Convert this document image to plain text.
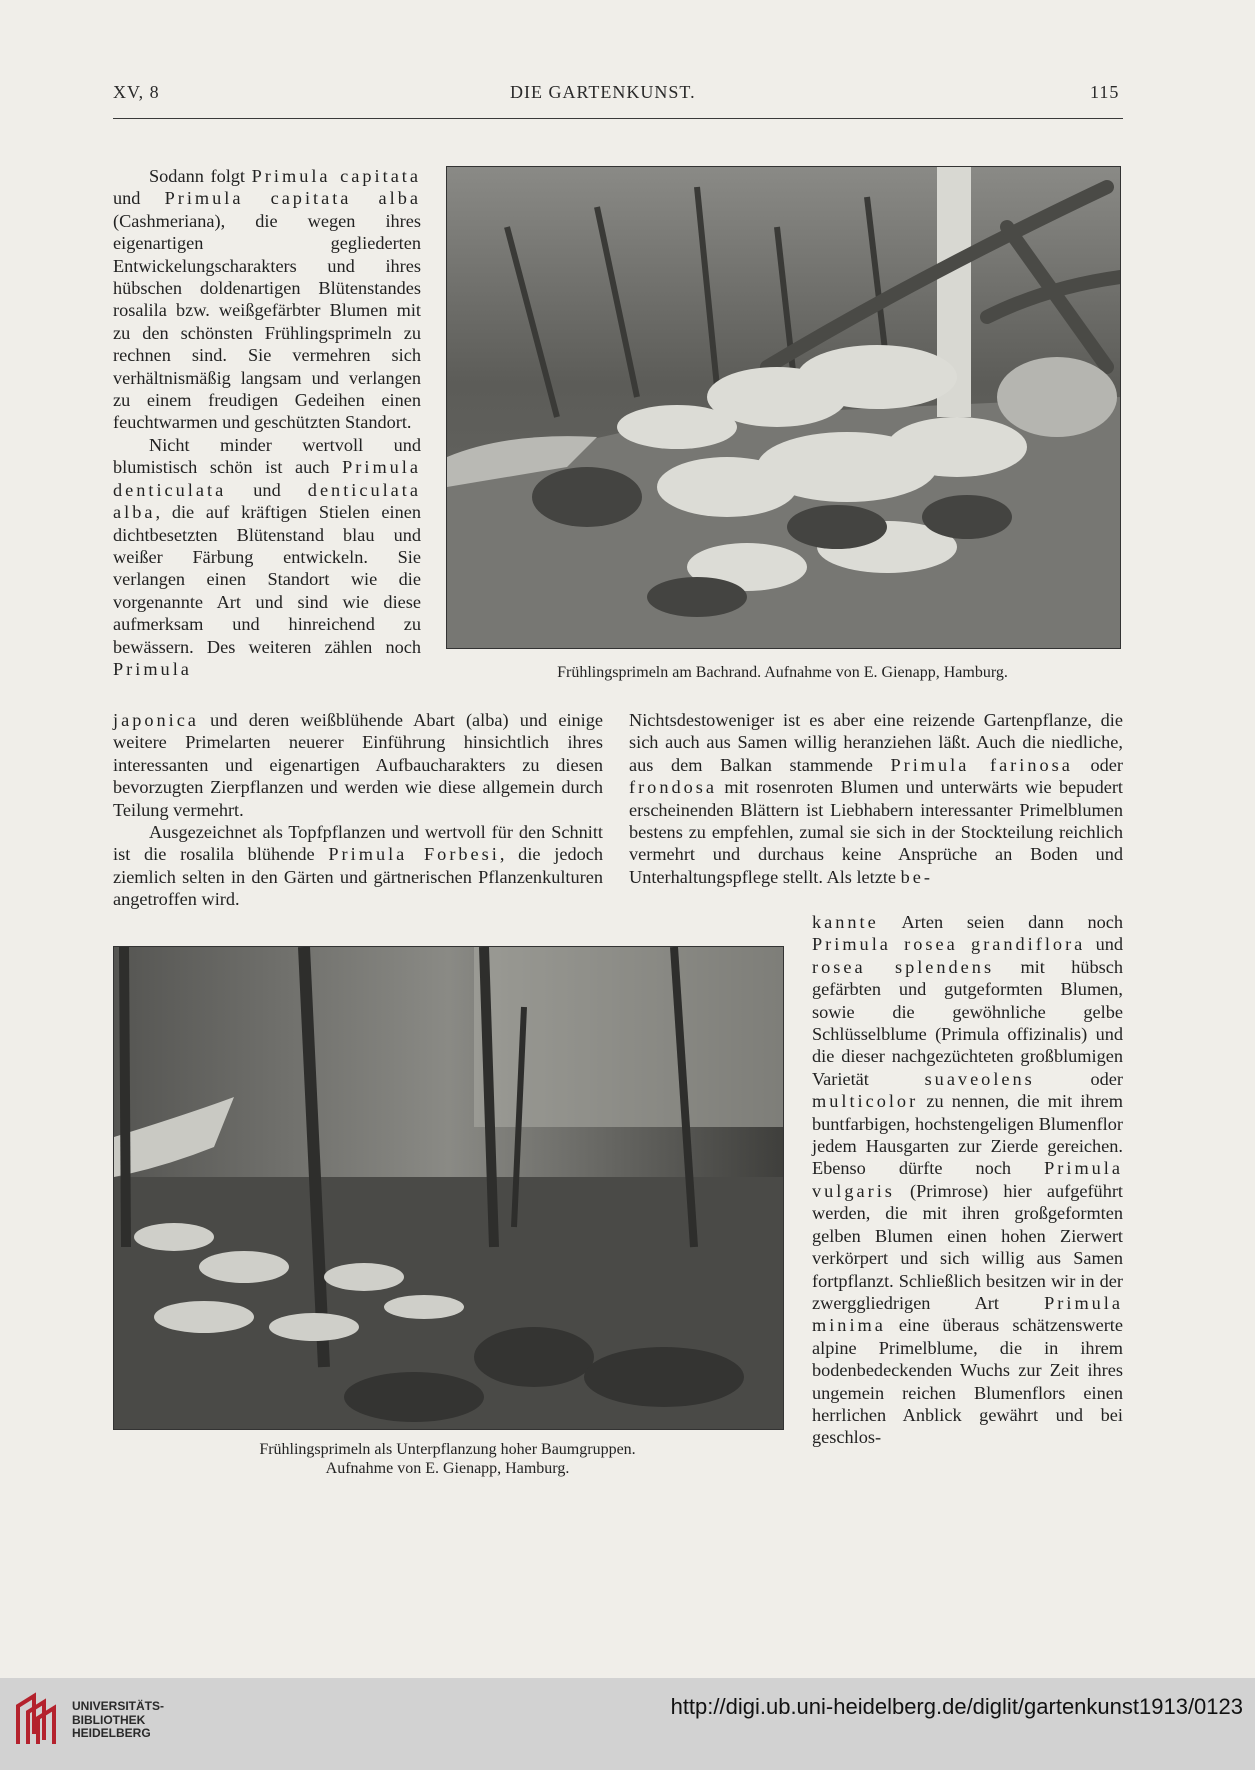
XV, 8	DIE GARTENKUNST.	115

Sodann folgt Primula capitata und Primula capitata alba (Cashmeriana), die wegen ihres eigenartigen gegliederten Entwickelungscharakters und ihres hübschen doldenartigen Blütenstandes rosalila bzw. weißgefärbter Blumen mit zu den schönsten Frühlingsprimeln zu rechnen sind. Sie vermehren sich verhältnismäßig langsam und verlangen zu einem freudigen Gedeihen einen feuchtwarmen und geschützten Standort.

Nicht minder wertvoll und blumistisch schön ist auch Primula denticulata und denticulata alba, die auf kräftigen Stielen einen dichtbesetzten Blütenstand blau und weißer Färbung entwickeln. Sie verlangen einen Standort wie die vorgenannte Art und sind wie diese aufmerksam und hinreichend zu bewässern. Des weiteren zählen noch Primula

japonica und deren weißblühende Abart (alba) und einige weitere Primelarten neuerer Einführung hinsichtlich ihres interessanten und eigenartigen Aufbaucharakters zu diesen bevorzugten Zierpflanzen und werden wie diese allgemein durch Teilung vermehrt.

Ausgezeichnet als Topfpflanzen und wertvoll für den Schnitt ist die rosalila blühende Primula Forbesi, die jedoch ziemlich selten in den Gärten und gärtnerischen Pflanzenkulturen angetroffen wird.

Nichtsdestoweniger ist es aber eine reizende Gartenpflanze, die sich auch aus Samen willig heranziehen läßt. Auch die niedliche, aus dem Balkan stammende Primula farinosa oder frondosa mit rosenroten Blumen und unterwärts wie bepudert erscheinenden Blättern ist Liebhabern interessanter Primelblumen bestens zu empfehlen, zumal sie sich in der Stockteilung reichlich vermehrt und durchaus keine Ansprüche an Boden und Unterhaltungspflege stellt. Als letzte be-

kannte Arten seien dann noch Primula rosea grandiflora und rosea splendens mit hübsch gefärbten und gutgeformten Blumen, sowie die gewöhnliche gelbe Schlüsselblume (Primula offizinalis) und die dieser nachgezüchteten großblumigen Varietät suaveolens oder multicolor zu nennen, die mit ihrem buntfarbigen, hochstengeligen Blumenflor jedem Hausgarten zur Zierde gereichen. Ebenso dürfte noch Primula vulgaris (Primrose) hier aufgeführt werden, die mit ihren großgeformten gelben Blumen einen hohen Zierwert verkörpert und sich willig aus Samen fortpflanzt. Schließlich besitzen wir in der zwerggliedrigen Art Primula minima eine überaus schätzenswerte alpine Primelblume, die in ihrem bodenbedeckenden Wuchs zur Zeit ihres ungemein reichen Blumenflors einen herrlichen Anblick gewährt und bei geschlos-

Frühlingsprimeln am Bachrand. Aufnahme von E. Gienapp, Hamburg.
Frühlingsprimeln als Unterpflanzung hoher Baumgruppen.
Aufnahme von E. Gienapp, Hamburg.
UNIVERSITÄTS-
BIBLIOTHEK
HEIDELBERG
http://digi.ub.uni-heidelberg.de/diglit/gartenkunst1913/0123
